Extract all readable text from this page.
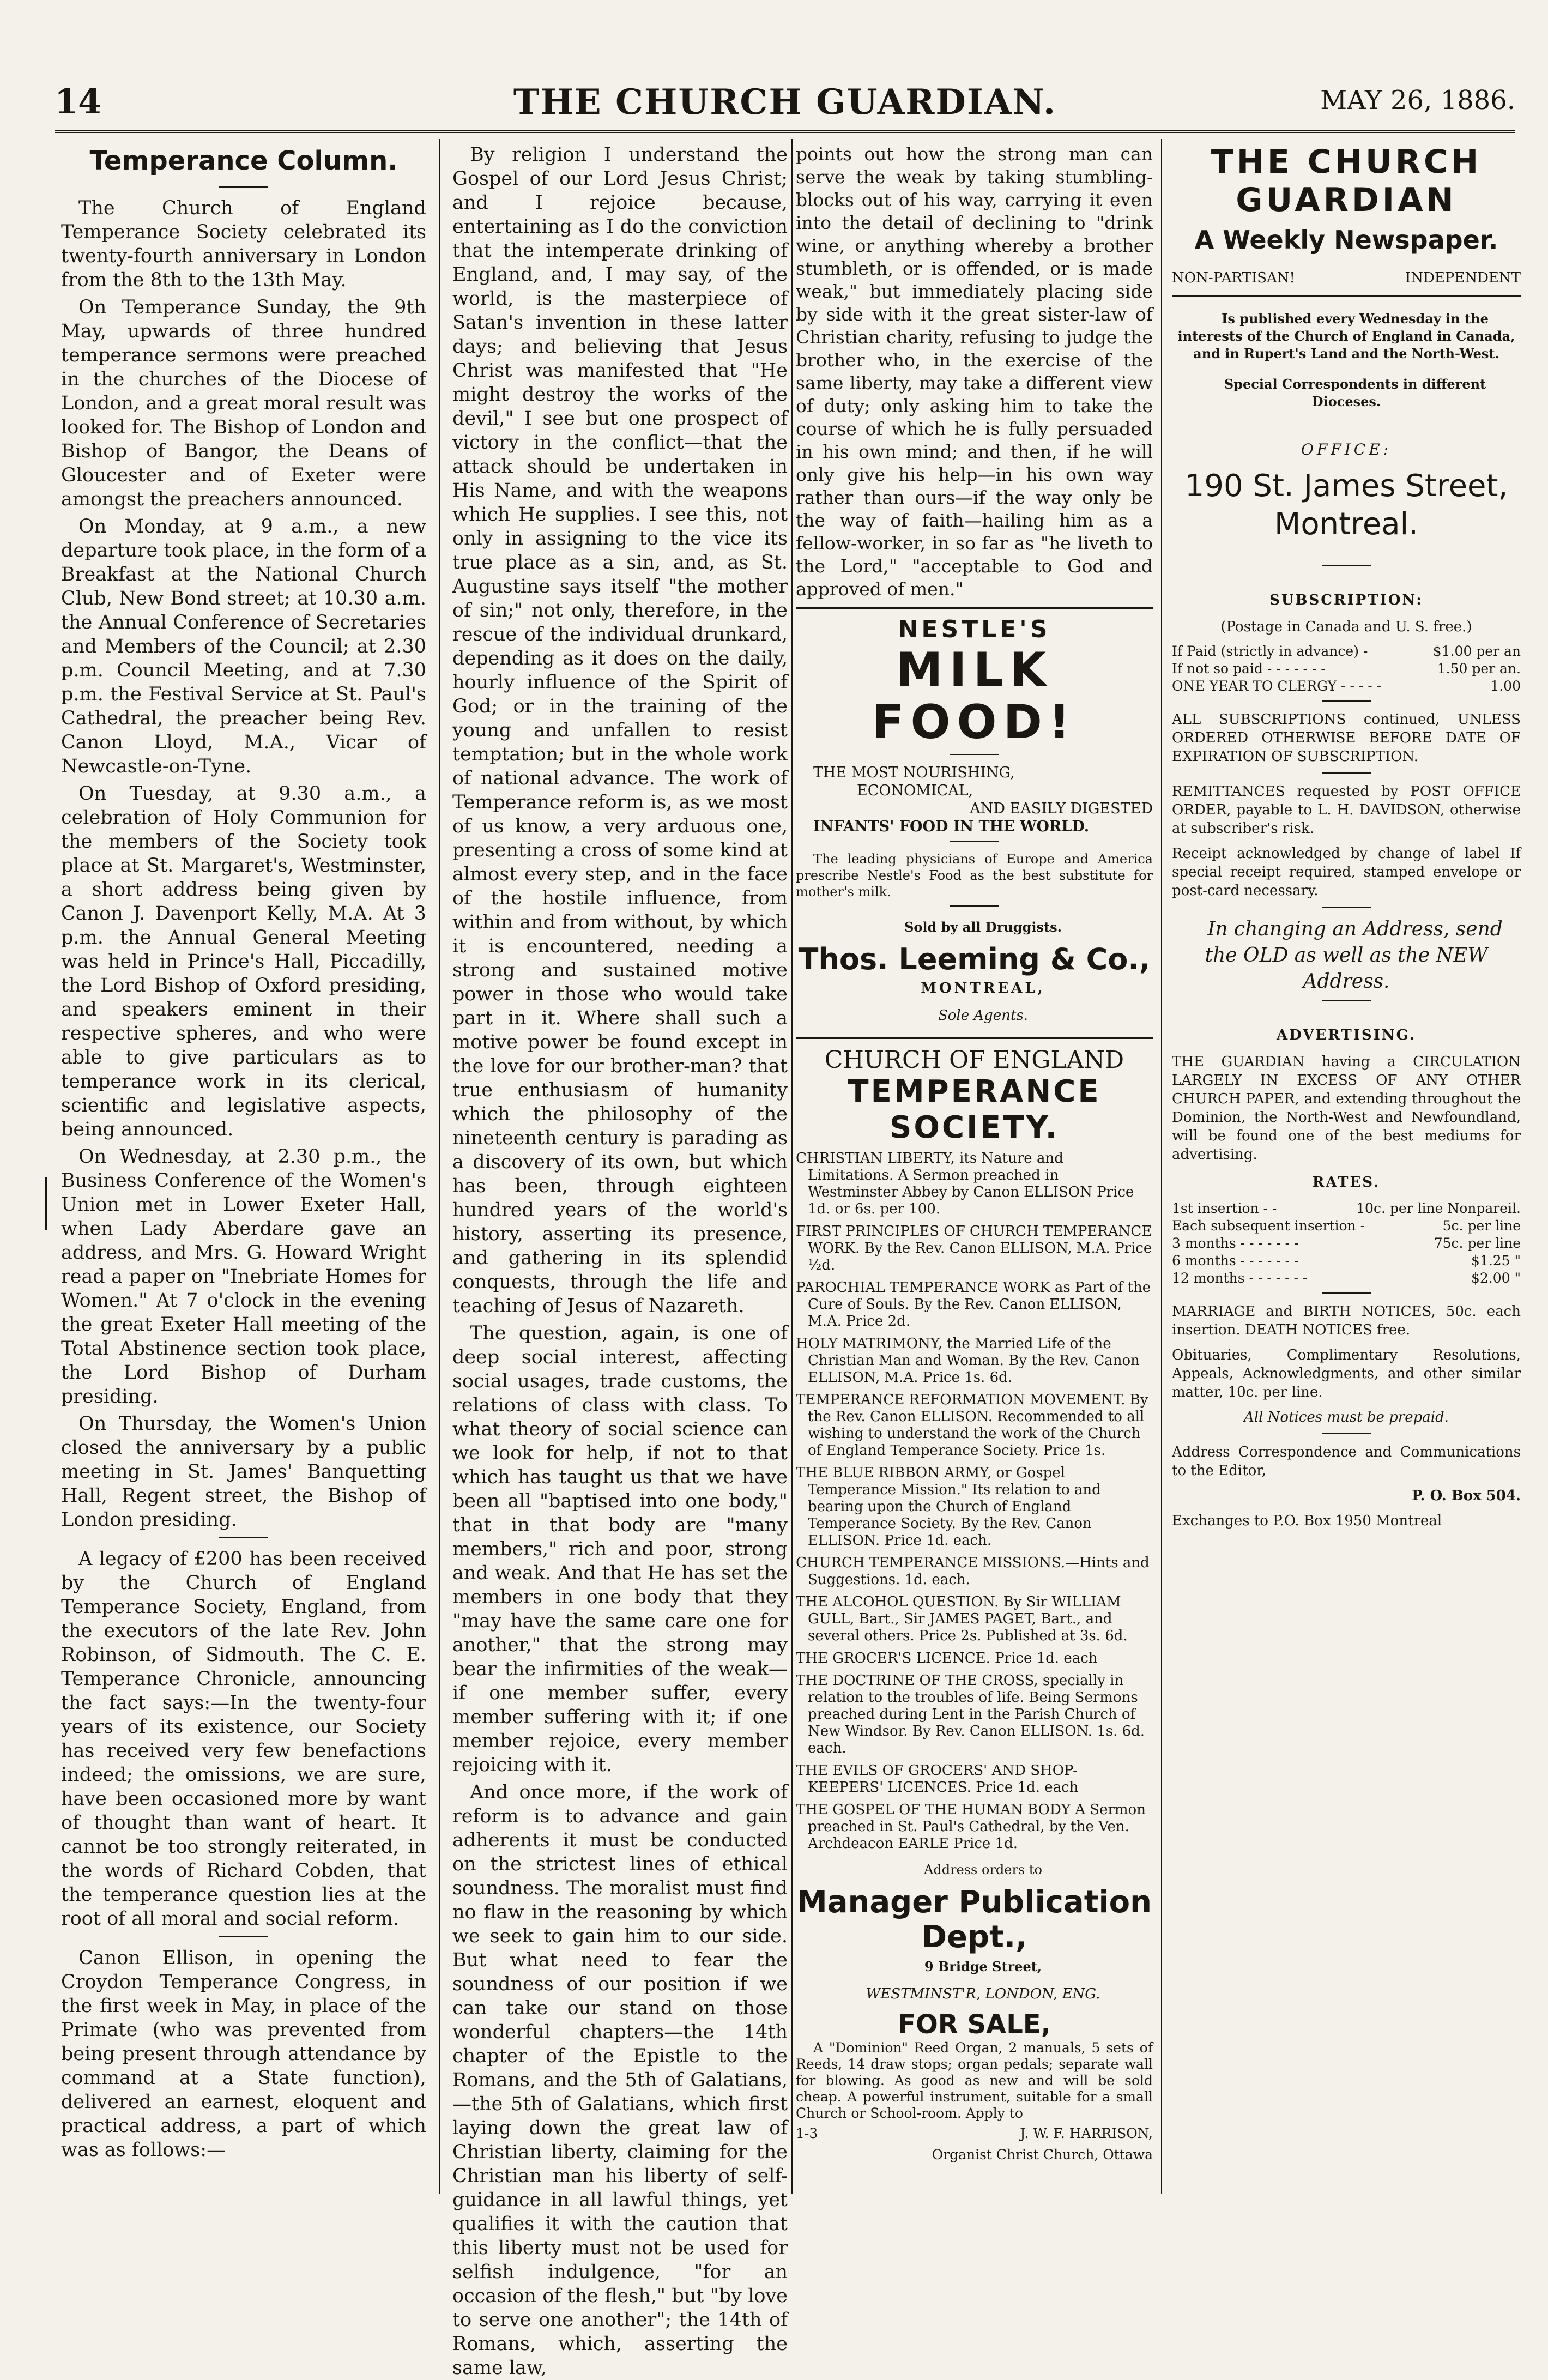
14	THE CHURCH GUARDIAN.	MAY 26, 1886.
Temperance Column.

The Church of England Temperance Society celebrated its twenty-fourth anniversary in London from the 8th to the 13th May.

On Temperance Sunday, the 9th May, upwards of three hundred temperance sermons were preached in the churches of the Diocese of London, and a great moral result was looked for. The Bishop of London and Bishop of Bangor, the Deans of Gloucester and of Exeter were amongst the preachers announced.

On Monday, at 9 a.m., a new departure took place, in the form of a Breakfast at the National Church Club, New Bond street; at 10.30 a.m. the Annual Conference of Secretaries and Members of the Council; at 2.30 p.m. Council Meeting, and at 7.30 p.m. the Festival Service at St. Paul's Cathedral, the preacher being Rev. Canon Lloyd, M.A., Vicar of Newcastle-on-Tyne.

On Tuesday, at 9.30 a.m., a celebration of Holy Communion for the members of the Society took place at St. Margaret's, Westminster, a short address being given by Canon J. Davenport Kelly, M.A. At 3 p.m. the Annual General Meeting was held in Prince's Hall, Piccadilly, the Lord Bishop of Oxford presiding, and speakers eminent in their respective spheres, and who were able to give particulars as to temperance work in its clerical, scientific and legislative aspects, being announced.

On Wednesday, at 2.30 p.m., the Business Conference of the Women's Union met in Lower Exeter Hall, when Lady Aberdare gave an address, and Mrs. G. Howard Wright read a paper on "Inebriate Homes for Women." At 7 o'clock in the evening the great Exeter Hall meeting of the Total Abstinence section took place, the Lord Bishop of Durham presiding.

On Thursday, the Women's Union closed the anniversary by a public meeting in St. James' Banquetting Hall, Regent street, the Bishop of London presiding.

A legacy of £200 has been received by the Church of England Temperance Society, England, from the executors of the late Rev. John Robinson, of Sidmouth. The C. E. Temperance Chronicle, announcing the fact says:—In the twenty-four years of its existence, our Society has received very few benefactions indeed; the omissions, we are sure, have been occasioned more by want of thought than want of heart. It cannot be too strongly reiterated, in the words of Richard Cobden, that the temperance question lies at the root of all moral and social reform.

Canon Ellison, in opening the Croydon Temperance Congress, in the first week in May, in place of the Primate (who was prevented from being present through attendance by command at a State function), delivered an earnest, eloquent and practical address, a part of which was as follows:—

By religion I understand the Gospel of our Lord Jesus Christ; and I rejoice because, entertaining as I do the conviction that the intemperate drinking of England, and, I may say, of the world, is the masterpiece of Satan's invention in these latter days; and believing that Jesus Christ was manifested that "He might destroy the works of the devil," I see but one prospect of victory in the conflict—that the attack should be undertaken in His Name, and with the weapons which He supplies. I see this, not only in assigning to the vice its true place as a sin, and, as St. Augustine says itself "the mother of sin;" not only, therefore, in the rescue of the individual drunkard, depending as it does on the daily, hourly influence of the Spirit of God; or in the training of the young and unfallen to resist temptation; but in the whole work of national advance. The work of Temperance reform is, as we most of us know, a very arduous one, presenting a cross of some kind at almost every step, and in the face of the hostile influence, from within and from without, by which it is encountered, needing a strong and sustained motive power in those who would take part in it. Where shall such a motive power be found except in the love for our brother-man? that true enthusiasm of humanity which the philosophy of the nineteenth century is parading as a discovery of its own, but which has been, through eighteen hundred years of the world's history, asserting its presence, and gathering in its splendid conquests, through the life and teaching of Jesus of Nazareth.

The question, again, is one of deep social interest, affecting social usages, trade customs, the relations of class with class. To what theory of social science can we look for help, if not to that which has taught us that we have been all "baptised into one body," that in that body are "many members," rich and poor, strong and weak. And that He has set the members in one body that they "may have the same care one for another," that the strong may bear the infirmities of the weak—if one member suffer, every member suffering with it; if one member rejoice, every member rejoicing with it.

And once more, if the work of reform is to advance and gain adherents it must be conducted on the strictest lines of ethical soundness. The moralist must find no flaw in the reasoning by which we seek to gain him to our side. But what need to fear the soundness of our position if we can take our stand on those wonderful chapters—the 14th chapter of the Epistle to the Romans, and the 5th of Galatians, —the 5th of Galatians, which first laying down the great law of Christian liberty, claiming for the Christian man his liberty of self-guidance in all lawful things, yet qualifies it with the caution that this liberty must not be used for selfish indulgence, "for an occasion of the flesh," but "by love to serve one another"; the 14th of Romans, which, asserting the same law,

points out how the strong man can serve the weak by taking stumbling-blocks out of his way, carrying it even into the detail of declining to "drink wine, or anything whereby a brother stumbleth, or is offended, or is made weak," but immediately placing side by side with it the great sister-law of Christian charity, refusing to judge the brother who, in the exercise of the same liberty, may take a different view of duty; only asking him to take the course of which he is fully persuaded in his own mind; and then, if he will only give his help—in his own way rather than ours—if the way only be the way of faith—hailing him as a fellow-worker, in so far as "he liveth to the Lord," "acceptable to God and approved of men."

NESTLE'S
MILK FOOD!

THE MOST NOURISHING,

ECONOMICAL,

AND EASILY DIGESTED

INFANTS' FOOD IN THE WORLD.

The leading physicians of Europe and America prescribe Nestle's Food as the best substitute for mother's milk.

Sold by all Druggists.

Thos. Leeming & Co.,

MONTREAL,

Sole Agents.

CHURCH OF ENGLAND
TEMPERANCE SOCIETY.

CHRISTIAN LIBERTY, its Nature and Limitations. A Sermon preached in Westminster Abbey by Canon ELLISON Price 1d. or 6s. per 100.

FIRST PRINCIPLES OF CHURCH TEMPERANCE WORK. By the Rev. Canon ELLISON, M.A. Price ½d.

PAROCHIAL TEMPERANCE WORK as Part of the Cure of Souls. By the Rev. Canon ELLISON, M.A. Price 2d.

HOLY MATRIMONY, the Married Life of the Christian Man and Woman. By the Rev. Canon ELLISON, M.A. Price 1s. 6d.

TEMPERANCE REFORMATION MOVEMENT. By the Rev. Canon ELLISON. Recommended to all wishing to understand the work of the Church of England Temperance Society. Price 1s.

THE BLUE RIBBON ARMY, or Gospel Temperance Mission." Its relation to and bearing upon the Church of England Temperance Society. By the Rev. Canon ELLISON. Price 1d. each.

CHURCH TEMPERANCE MISSIONS.—Hints and Suggestions. 1d. each.

THE ALCOHOL QUESTION. By Sir WILLIAM GULL, Bart., Sir JAMES PAGET, Bart., and several others. Price 2s. Published at 3s. 6d.

THE GROCER'S LICENCE. Price 1d. each

THE DOCTRINE OF THE CROSS, specially in relation to the troubles of life. Being Sermons preached during Lent in the Parish Church of New Windsor. By Rev. Canon ELLISON. 1s. 6d. each.

THE EVILS OF GROCERS' AND SHOP-KEEPERS' LICENCES. Price 1d. each

THE GOSPEL OF THE HUMAN BODY A Sermon preached in St. Paul's Cathedral, by the Ven. Archdeacon EARLE Price 1d.

Address orders to

Manager Publication Dept.,

9 Bridge Street,

WESTMINST'R, LONDON, ENG.

FOR SALE,

A "Dominion" Reed Organ, 2 manuals, 5 sets of Reeds, 14 draw stops; organ pedals; separate wall for blowing. As good as new and will be sold cheap. A powerful instrument, suitable for a small Church or School-room. Apply to

1-3	J. W. F. HARRISON,

Organist Christ Church, Ottawa

THE CHURCH GUARDIAN
A Weekly Newspaper.
NON-PARTISAN!	INDEPENDENT

Is published every Wednesday in the interests of the Church of England in Canada, and in Rupert's Land and the North-West.

Special Correspondents in different Dioceses.

OFFICE:
190 St. James Street, Montreal.
SUBSCRIPTION:

(Postage in Canada and U. S. free.)

If Paid (strictly in advance) -	$1.00 per an
If not so paid - - - - - - -	1.50 per an.
ONE YEAR TO CLERGY - - - - -	1.00

ALL SUBSCRIPTIONS continued, UNLESS ORDERED OTHERWISE BEFORE DATE OF EXPIRATION OF SUBSCRIPTION.

REMITTANCES requested by POST OFFICE ORDER, payable to L. H. DAVIDSON, otherwise at subscriber's risk.

Receipt acknowledged by change of label If special receipt required, stamped envelope or post-card necessary.

In changing an Address, send the OLD as well as the NEW Address.

ADVERTISING.

THE GUARDIAN having a CIRCULATION LARGELY IN EXCESS OF ANY OTHER CHURCH PAPER, and extending throughout the Dominion, the North-West and Newfoundland, will be found one of the best mediums for advertising.

RATES.
1st insertion - -	10c. per line Nonpareil.
Each subsequent insertion -	5c. per line
3 months - - - - - - -	75c. per line
6 months - - - - - - -	$1.25 "
12 months - - - - - - -	$2.00 "

MARRIAGE and BIRTH NOTICES, 50c. each insertion. DEATH NOTICES free.

Obituaries, Complimentary Resolutions, Appeals, Acknowledgments, and other similar matter, 10c. per line.

All Notices must be prepaid.

Address Correspondence and Communications to the Editor,

P. O. Box 504.

Exchanges to P.O. Box 1950 Montreal
